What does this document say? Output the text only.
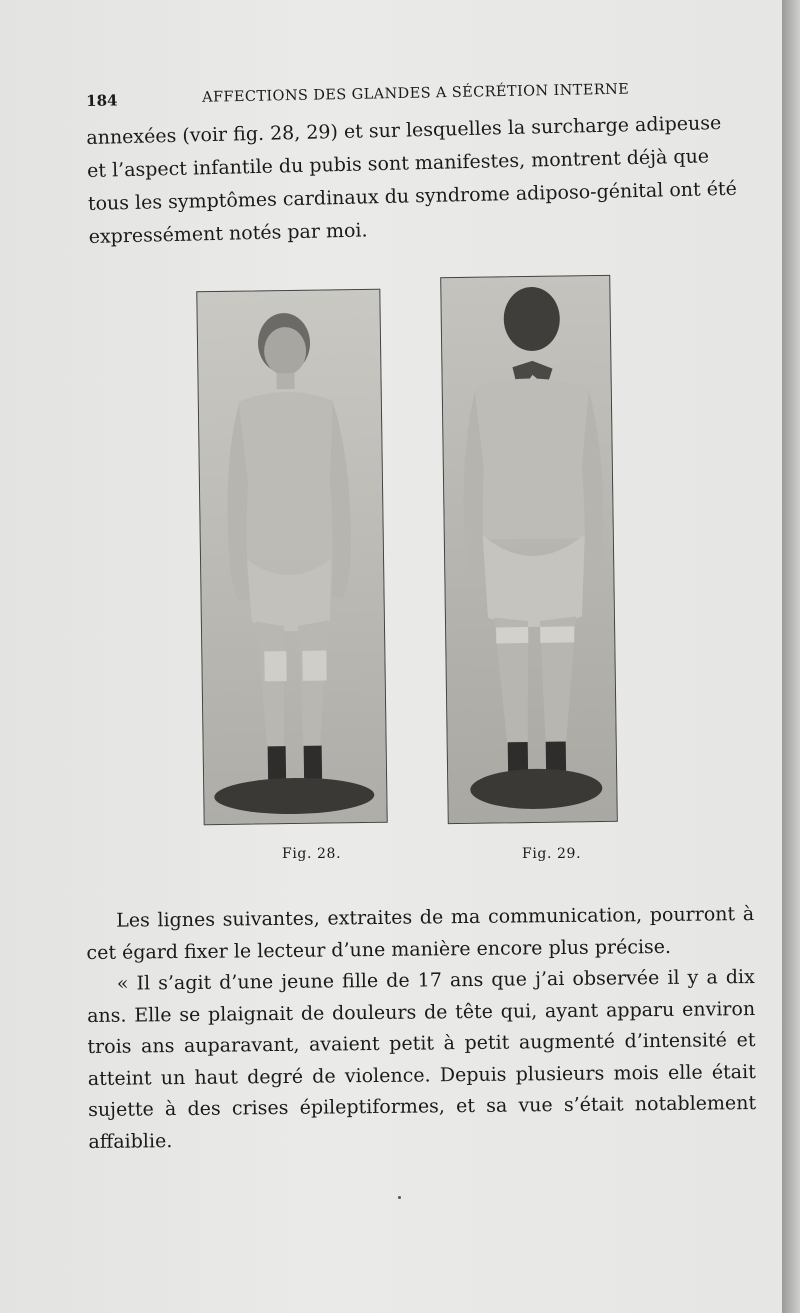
184	AFFECTIONS DES GLANDES A SÉCRÉTION INTERNE

annexées (voir fig. 28, 29) et sur lesquelles la surcharge adipeuse et l’aspect infantile du pubis sont manifestes, montrent déjà que tous les symptômes cardinaux du syndrome adiposo-génital ont été expressément notés par moi.

Fig. 28.	Fig. 29.

Les lignes suivantes, extraites de ma communication, pourront à cet égard fixer le lecteur d’une manière encore plus précise.

« Il s’agit d’une jeune fille de 17 ans que j’ai observée il y a dix ans. Elle se plaignait de douleurs de tête qui, ayant apparu environ trois ans auparavant, avaient petit à petit augmenté d’intensité et atteint un haut degré de violence. Depuis plusieurs mois elle était sujette à des crises épileptiformes, et sa vue s’était notablement affaiblie.
